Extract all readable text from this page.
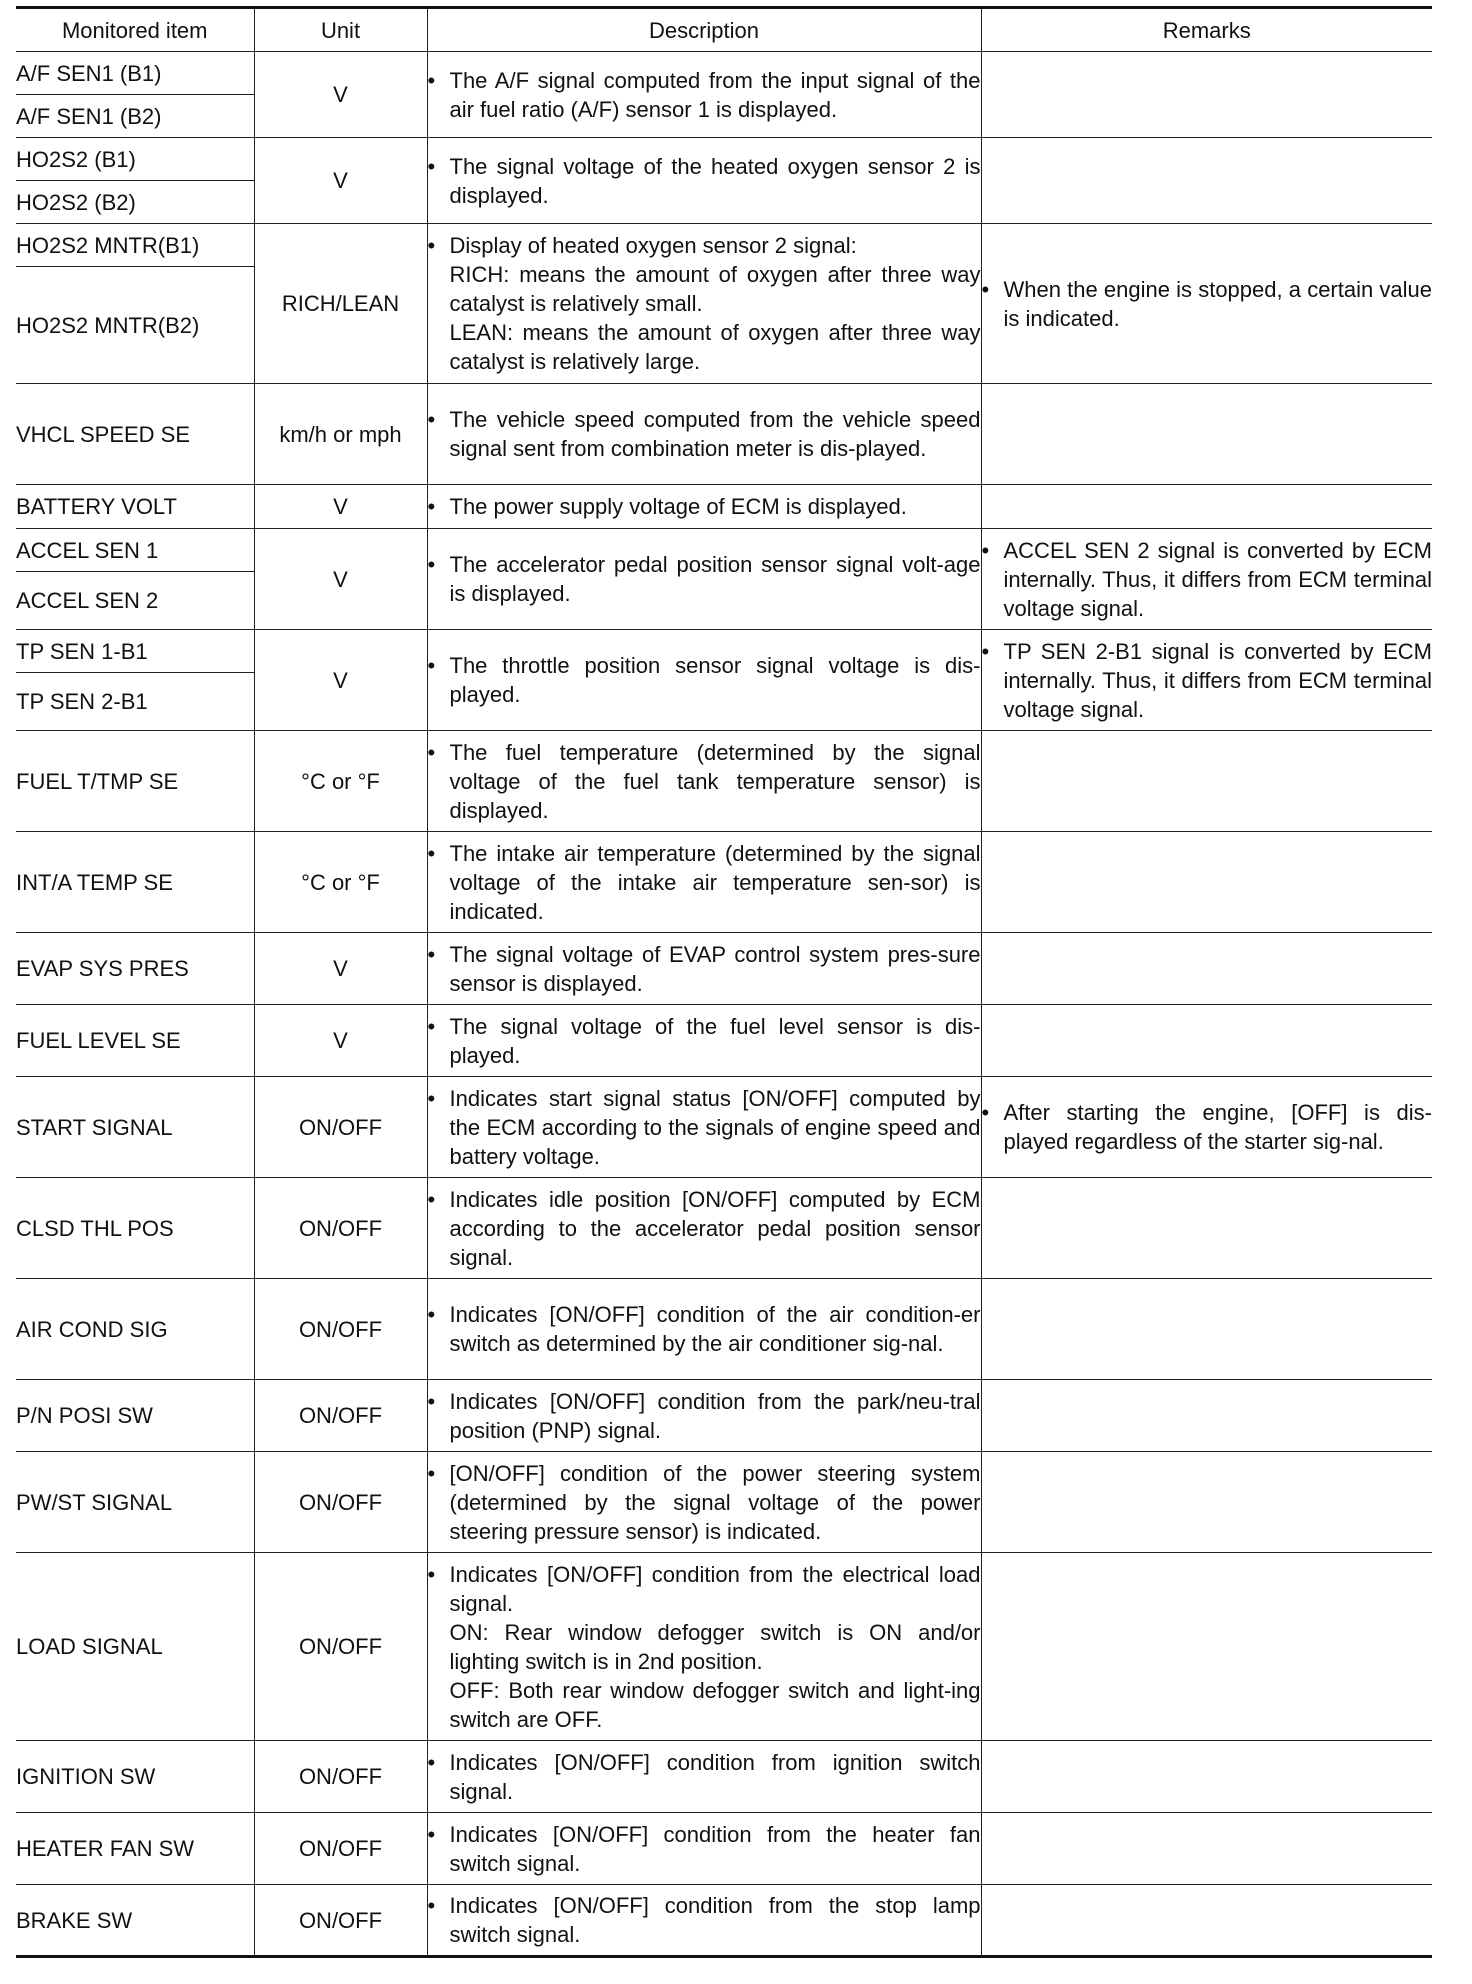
Monitored item	Unit	Description	Remarks
A/F SEN1 (B1)	V	• The A/F signal computed from the input signal of the air fuel ratio (A/F) sensor 1 is displayed.	

A/F SEN1 (B2)			
HO2S2 (B1)	V	• The signal voltage of the heated oxygen sensor 2 is displayed.	

HO2S2 (B2)			
HO2S2 MNTR(B1)	RICH/LEAN	• Display of heated oxygen sensor 2 signal:
RICH: means the amount of oxygen after three way catalyst is relatively small.
LEAN: means the amount of oxygen after three way catalyst is relatively large.	• When the engine is stopped, a certain value is indicated.

HO2S2 MNTR(B2)			
VHCL SPEED SE	km/h or mph	• The vehicle speed computed from the vehicle speed signal sent from combination meter is dis-played.	

BATTERY VOLT	V	• The power supply voltage of ECM is displayed.	

ACCEL SEN 1	V	• The accelerator pedal position sensor signal volt-age is displayed.	• ACCEL SEN 2 signal is converted by ECM internally. Thus, it differs from ECM terminal voltage signal.

ACCEL SEN 2			
TP SEN 1-B1	V	• The throttle position sensor signal voltage is dis-played.	• TP SEN 2-B1 signal is converted by ECM internally. Thus, it differs from ECM terminal voltage signal.

TP SEN 2-B1			
FUEL T/TMP SE	°C or °F	• The fuel temperature (determined by the signal voltage of the fuel tank temperature sensor) is displayed.	

INT/A TEMP SE	°C or °F	• The intake air temperature (determined by the signal voltage of the intake air temperature sen-sor) is indicated.	

EVAP SYS PRES	V	• The signal voltage of EVAP control system pres-sure sensor is displayed.	

FUEL LEVEL SE	V	• The signal voltage of the fuel level sensor is dis-played.	

START SIGNAL	ON/OFF	• Indicates start signal status [ON/OFF] computed by the ECM according to the signals of engine speed and battery voltage.	• After starting the engine, [OFF] is dis-played regardless of the starter sig-nal.

CLSD THL POS	ON/OFF	• Indicates idle position [ON/OFF] computed by ECM according to the accelerator pedal position sensor signal.	

AIR COND SIG	ON/OFF	• Indicates [ON/OFF] condition of the air condition-er switch as determined by the air conditioner sig-nal.	

P/N POSI SW	ON/OFF	• Indicates [ON/OFF] condition from the park/neu-tral position (PNP) signal.	

PW/ST SIGNAL	ON/OFF	• [ON/OFF] condition of the power steering system (determined by the signal voltage of the power steering pressure sensor) is indicated.	

LOAD SIGNAL	ON/OFF	• Indicates [ON/OFF] condition from the electrical load signal.
ON: Rear window defogger switch is ON and/or lighting switch is in 2nd position.
OFF: Both rear window defogger switch and light-ing switch are OFF.	

IGNITION SW	ON/OFF	• Indicates [ON/OFF] condition from ignition switch signal.	

HEATER FAN SW	ON/OFF	• Indicates [ON/OFF] condition from the heater fan switch signal.	

BRAKE SW	ON/OFF	• Indicates [ON/OFF] condition from the stop lamp switch signal.	
